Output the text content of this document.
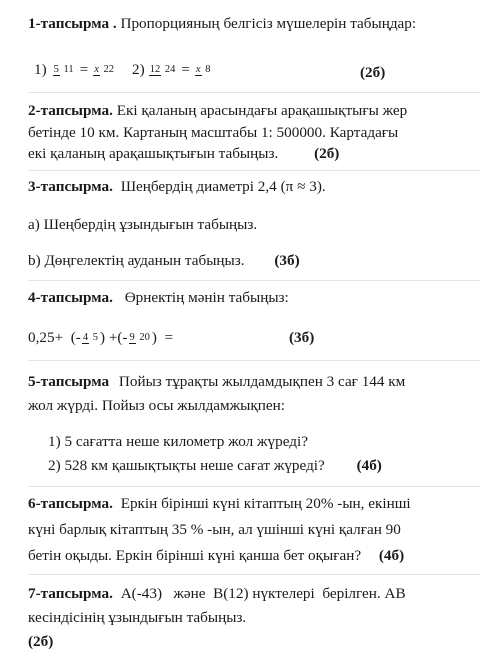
1-тапсырма . Пропорцияның белгісіз мүшелерін табыңдар:
1) 5 11 = x 22 2) 12 24 = x 8	(2б)
2-тапсырма. Екі қаланың арасындағы арақашықтығы жер
бетінде 10 км. Картаның масштабы 1: 500000. Картадағы
екі қаланың арақашықтығын табыңыз. (2б)
3-тапсырма. Шеңбердің диаметрі 2,4 (π ≈ 3).
а) Шеңбердің ұзындығын табыңыз.
b) Дөңгелектің ауданын табыңыз. (3б)
4-тапсырма. Өрнектің мәнін табыңыз:
0,25+  (- 4 5 ) +(- 9 20 )  =	(3б)
5-тапсырма Пойыз тұрақты жылдамдықпен 3 сағ 144 км
жол жүрді. Пойыз осы жылдамжықпен:
1) 5 сағатта неше километр жол жүреді?
2) 528 км қашықтықты неше сағат жүреді? (4б)
6-тапсырма. Еркін бірінші күні кітаптың 20% -ын, екінші
күні барлық кітаптың 35 % -ын, ал үшінші күні қалған 90
бетін оқыды. Еркін бірінші күні қанша бет оқыған? (4б)
7-тапсырма. А(-43)   және  В(12) нүктелері  берілген. АВ
кесіндісінің ұзындығын табыңыз.
(2б)
